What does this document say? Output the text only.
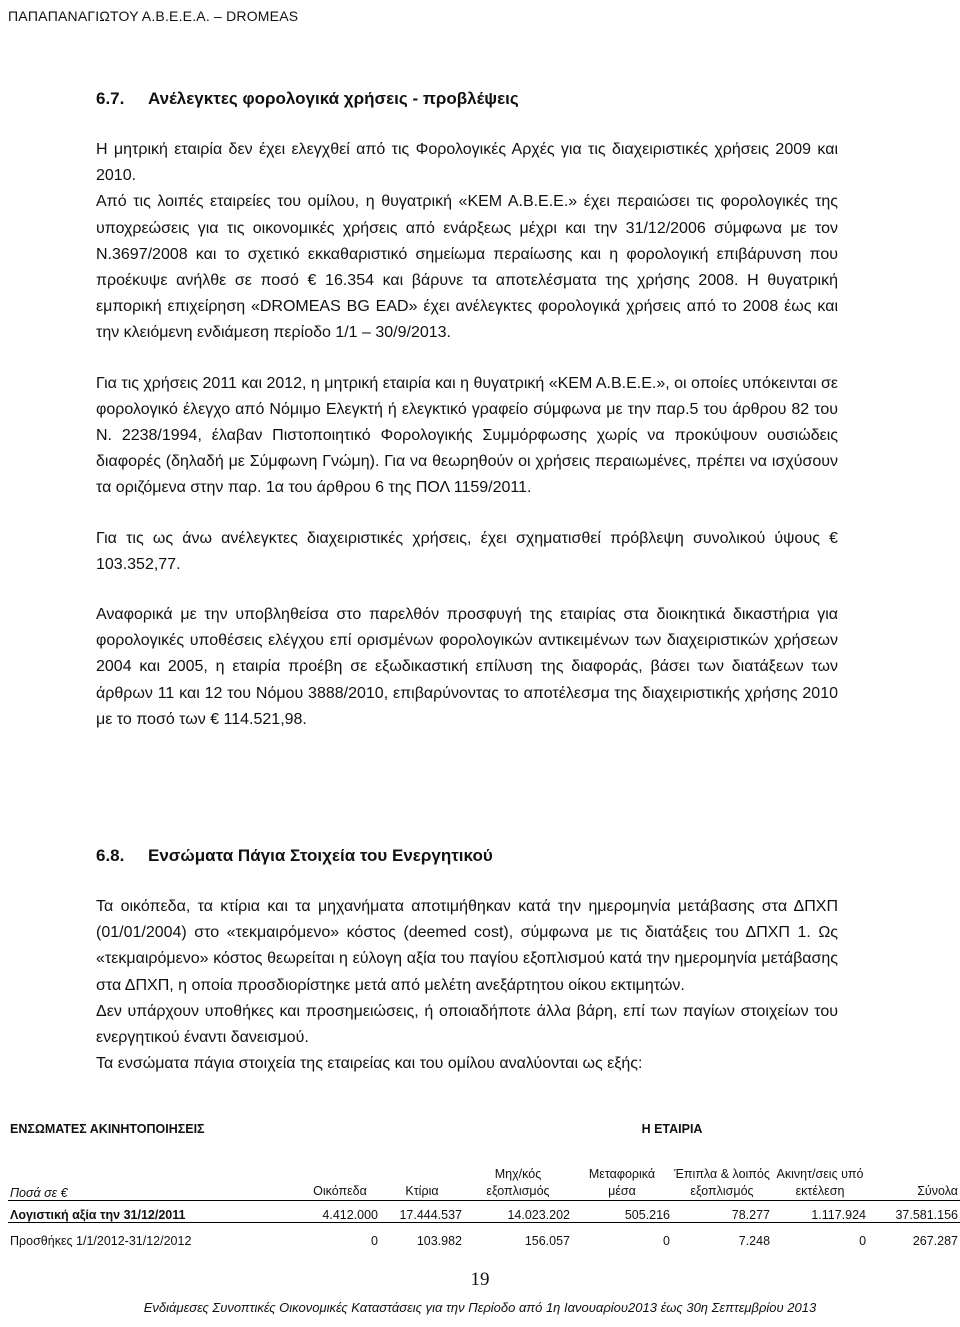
ΠΑΠΑΠΑΝΑΓΙΩΤΟΥ Α.Β.Ε.Ε.Α. – DROMEAS
6.7. Ανέλεγκτες φορολογικά χρήσεις - προβλέψεις

Η μητρική εταιρία δεν έχει ελεγχθεί από τις Φορολογικές Αρχές για τις διαχειριστικές χρήσεις 2009 και 2010.

Από τις λοιπές εταιρείες του ομίλου, η θυγατρική «ΚΕΜ Α.Β.Ε.Ε.» έχει περαιώσει τις φορολογικές της υποχρεώσεις για τις οικονομικές χρήσεις από ενάρξεως μέχρι και την 31/12/2006 σύμφωνα με τον Ν.3697/2008 και το σχετικό εκκαθαριστικό σημείωμα περαίωσης και η φορολογική επιβάρυνση που προέκυψε ανήλθε σε ποσό € 16.354 και βάρυνε τα αποτελέσματα της χρήσης 2008. Η θυγατρική εμπορική επιχείρηση «DROMEAS BG EAD» έχει ανέλεγκτες φορολογικά χρήσεις από το 2008 έως και την κλειόμενη ενδιάμεση περίοδο 1/1 – 30/9/2013.

Για τις χρήσεις 2011 και 2012, η μητρική εταιρία και η θυγατρική «ΚΕΜ Α.Β.Ε.Ε.», οι οποίες υπόκεινται σε φορολογικό έλεγχο από Νόμιμο Ελεγκτή ή ελεγκτικό γραφείο σύμφωνα με την παρ.5 του άρθρου 82 του Ν. 2238/1994, έλαβαν Πιστοποιητικό Φορολογικής Συμμόρφωσης χωρίς να προκύψουν ουσιώδεις διαφορές (δηλαδή με Σύμφωνη Γνώμη). Για να θεωρηθούν οι χρήσεις περαιωμένες, πρέπει να ισχύσουν τα οριζόμενα στην παρ. 1α του άρθρου 6 της ΠΟΛ 1159/2011.

Για τις ως άνω ανέλεγκτες διαχειριστικές χρήσεις, έχει σχηματισθεί πρόβλεψη συνολικού ύψους € 103.352,77.

Αναφορικά με την υποβληθείσα στο παρελθόν προσφυγή της εταιρίας στα διοικητικά δικαστήρια για φορολογικές υποθέσεις ελέγχου επί ορισμένων φορολογικών αντικειμένων των διαχειριστικών χρήσεων 2004 και 2005, η εταιρία προέβη σε εξωδικαστική επίλυση της διαφοράς, βάσει των διατάξεων των άρθρων 11 και 12 του Νόμου 3888/2010, επιβαρύνοντας το αποτέλεσμα της διαχειριστικής χρήσης 2010 με το ποσό των € 114.521,98.

6.8. Ενσώματα Πάγια Στοιχεία του Ενεργητικού

Τα οικόπεδα, τα κτίρια και τα μηχανήματα αποτιμήθηκαν κατά την ημερομηνία μετάβασης στα ΔΠΧΠ (01/01/2004) στο «τεκμαιρόμενο» κόστος (deemed cost), σύμφωνα με τις διατάξεις του ΔΠΧΠ 1. Ως «τεκμαιρόμενο» κόστος θεωρείται η εύλογη αξία του παγίου εξοπλισμού κατά την ημερομηνία μετάβασης στα ΔΠΧΠ, η οποία προσδιορίστηκε μετά από μελέτη ανεξάρτητου οίκου εκτιμητών.

Δεν υπάρχουν υποθήκες και προσημειώσεις, ή οποιαδήποτε άλλα βάρη, επί των παγίων στοιχείων του ενεργητικού έναντι δανεισμού.

Τα ενσώματα πάγια στοιχεία της εταιρείας και του ομίλου αναλύονται ως εξής:

ΕΝΣΩΜΑΤΕΣ ΑΚΙΝΗΤΟΠΟΙΗΣΕΙΣ				Η ΕΤΑΙΡΙΑ			
Ποσά σε €	Οικόπεδα	Κτίρια	Μηχ/κός εξοπλισμός	Μεταφορικά μέσα	Έπιπλα & λοιπός εξοπλισμός	Ακινητ/σεις υπό εκτέλεση	Σύνολα
Λογιστική αξία την 31/12/2011	4.412.000	17.444.537	14.023.202	505.216	78.277	1.117.924	37.581.156
Προσθήκες 1/1/2012-31/12/2012	0	103.982	156.057	0	7.248	0	267.287
19
Ενδιάμεσες Συνοπτικές Οικονομικές Καταστάσεις για την Περίοδο από 1η Ιανουαρίου2013 έως 30η Σεπτεμβρίου 2013
